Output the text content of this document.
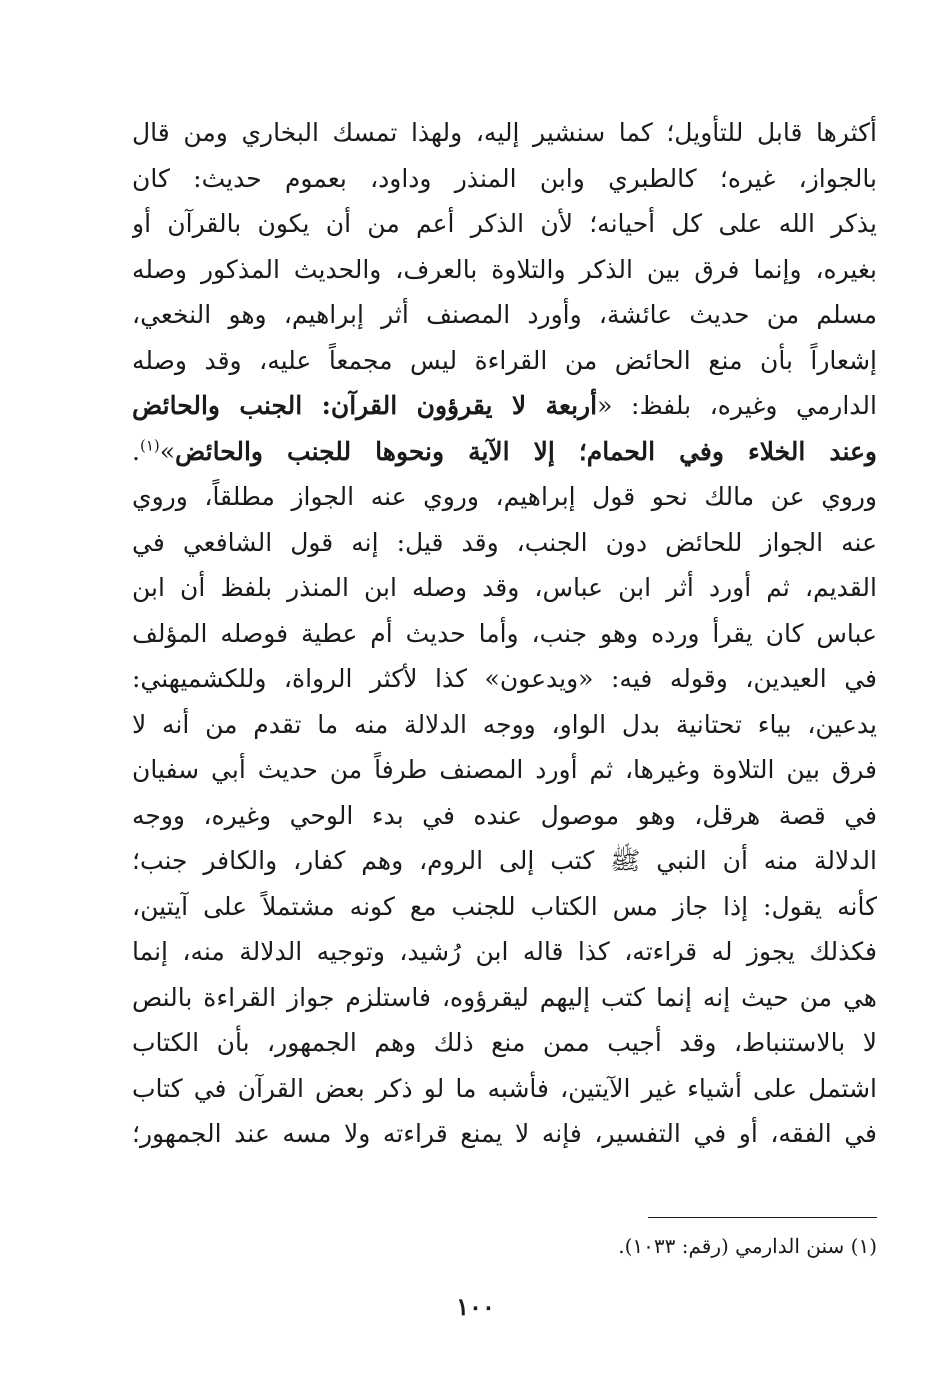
أكثرها قابل للتأويل؛ كما سنشير إليه، ولهذا تمسك البخاري ومن قال
بالجواز، غيره؛ كالطبري وابن المنذر وداود، بعموم حديث: كان
يذكر الله على كل أحيانه؛ لأن الذكر أعم من أن يكون بالقرآن أو
بغيره، وإنما فرق بين الذكر والتلاوة بالعرف، والحديث المذكور وصله
مسلم من حديث عائشة، وأورد المصنف أثر إبراهيم، وهو النخعي،
إشعاراً بأن منع الحائض من القراءة ليس مجمعاً عليه، وقد وصله
الدارمي وغيره، بلفظ: «أربعة لا يقرؤون القرآن: الجنب والحائض
وعند الخلاء وفي الحمام؛ إلا الآية ونحوها للجنب والحائض»$^{(١)}$.
وروي عن مالك نحو قول إبراهيم، وروي عنه الجواز مطلقاً، وروي
عنه الجواز للحائض دون الجنب، وقد قيل: إنه قول الشافعي في
القديم، ثم أورد أثر ابن عباس، وقد وصله ابن المنذر بلفظ أن ابن
عباس كان يقرأ ورده وهو جنب، وأما حديث أم عطية فوصله المؤلف
في العيدين، وقوله فيه: «ويدعون» كذا لأكثر الرواة، وللكشميهني:
يدعين، بياء تحتانية بدل الواو، ووجه الدلالة منه ما تقدم من أنه لا
فرق بين التلاوة وغيرها، ثم أورد المصنف طرفاً من حديث أبي سفيان
في قصة هرقل، وهو موصول عنده في بدء الوحي وغيره، ووجه
الدلالة منه أن النبي ﷺ كتب إلى الروم، وهم كفار، والكافر جنب؛
كأنه يقول: إذا جاز مس الكتاب للجنب مع كونه مشتملاً على آيتين،
فكذلك يجوز له قراءته، كذا قاله ابن رُشيد، وتوجيه الدلالة منه، إنما
هي من حيث إنه إنما كتب إليهم ليقرؤوه، فاستلزم جواز القراءة بالنص
لا بالاستنباط، وقد أجيب ممن منع ذلك وهم الجمهور، بأن الكتاب
اشتمل على أشياء غير الآيتين، فأشبه ما لو ذكر بعض القرآن في كتاب
في الفقه، أو في التفسير، فإنه لا يمنع قراءته ولا مسه عند الجمهور؛
(١) سنن الدارمي (رقم: ١٠٣٣).
١٠٠
